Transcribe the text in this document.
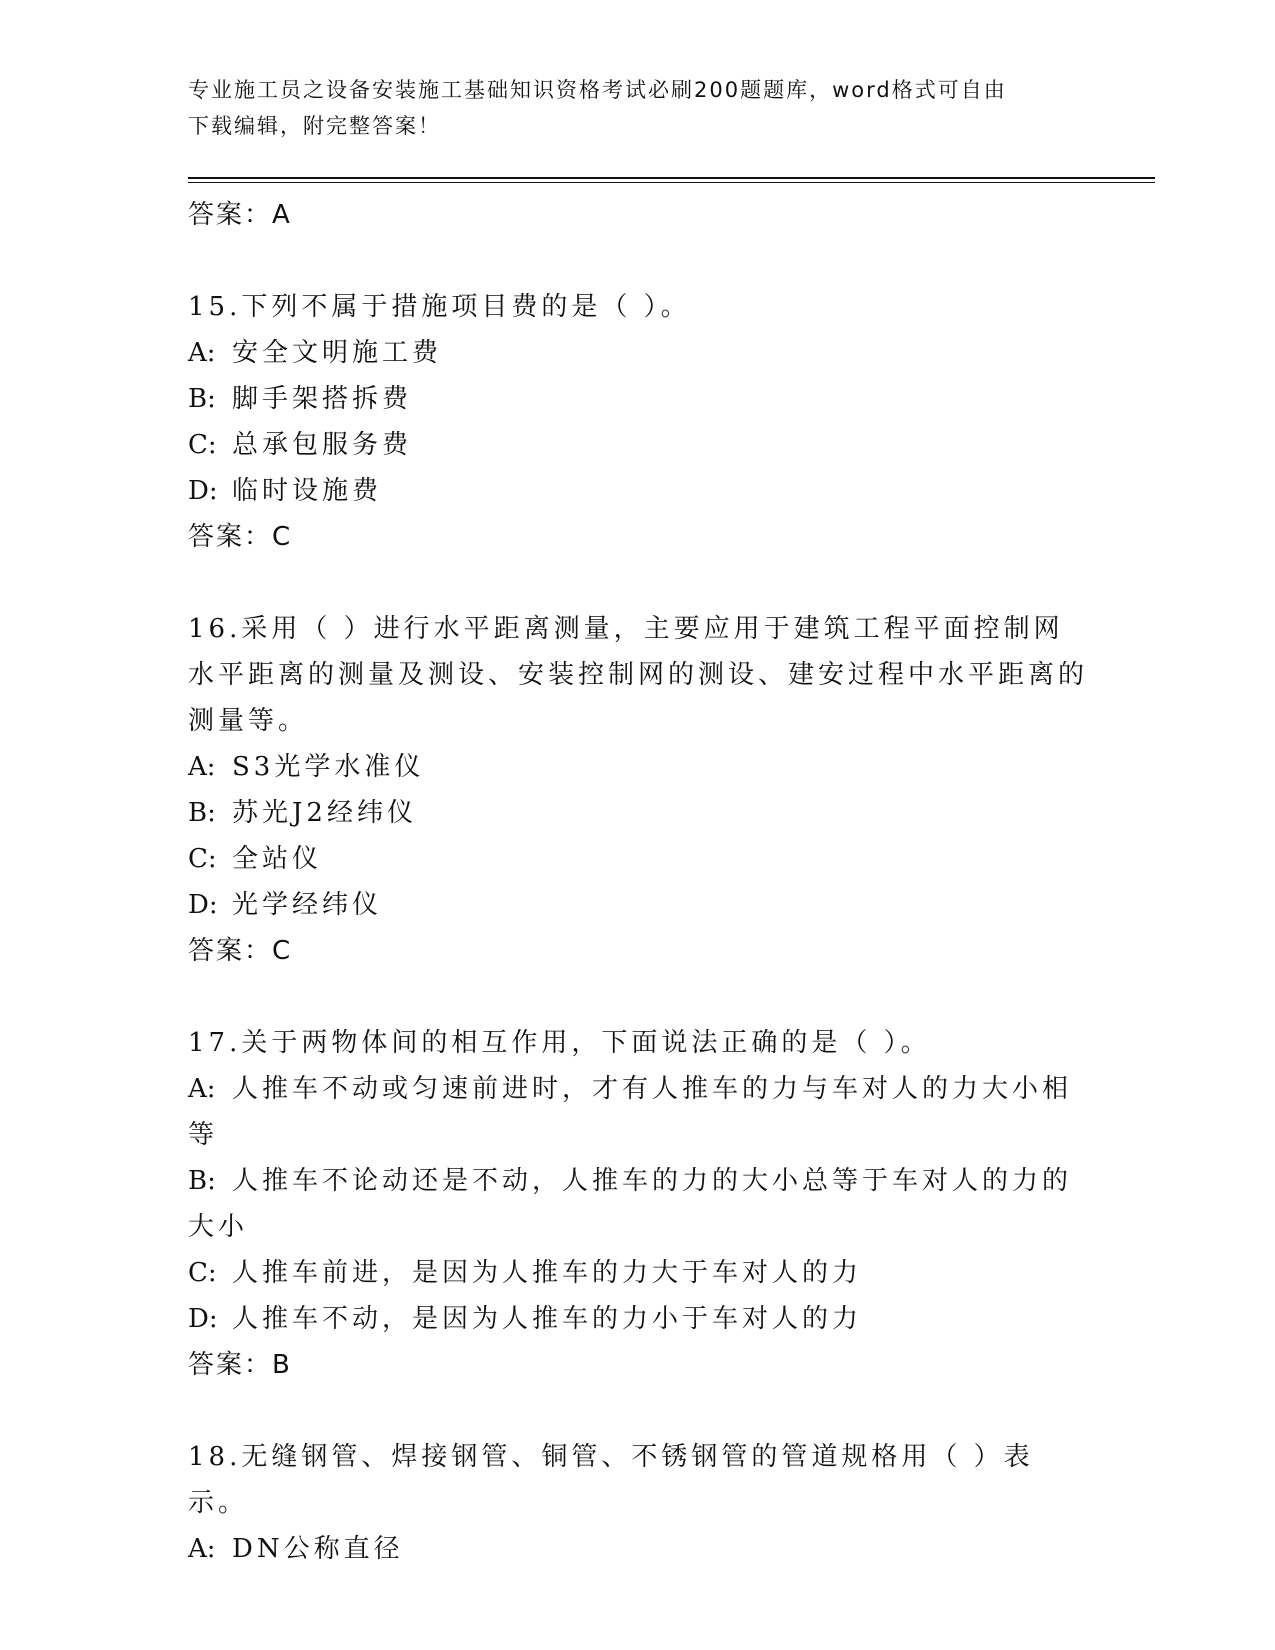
专业施工员之设备安装施工基础知识资格考试必刷200题题库，word格式可自由
下载编辑，附完整答案！
答案：A
15.下列不属于措施项目费的是（ ）。
A: 安全文明施工费
B: 脚手架搭拆费
C: 总承包服务费
D: 临时设施费
答案：C
16.采用（ ）进行水平距离测量，主要应用于建筑工程平面控制网水平距离的测量及测设、安装控制网的测设、建安过程中水平距离的测量等。
A: S3光学水准仪
B: 苏光J2经纬仪
C: 全站仪
D: 光学经纬仪
答案：C
17.关于两物体间的相互作用，下面说法正确的是（ ）。
A: 人推车不动或匀速前进时，才有人推车的力与车对人的力大小相等
B: 人推车不论动还是不动，人推车的力的大小总等于车对人的力的大小
C: 人推车前进，是因为人推车的力大于车对人的力
D: 人推车不动，是因为人推车的力小于车对人的力
答案：B
18.无缝钢管、焊接钢管、铜管、不锈钢管的管道规格用（ ）表示。
A: DN公称直径
